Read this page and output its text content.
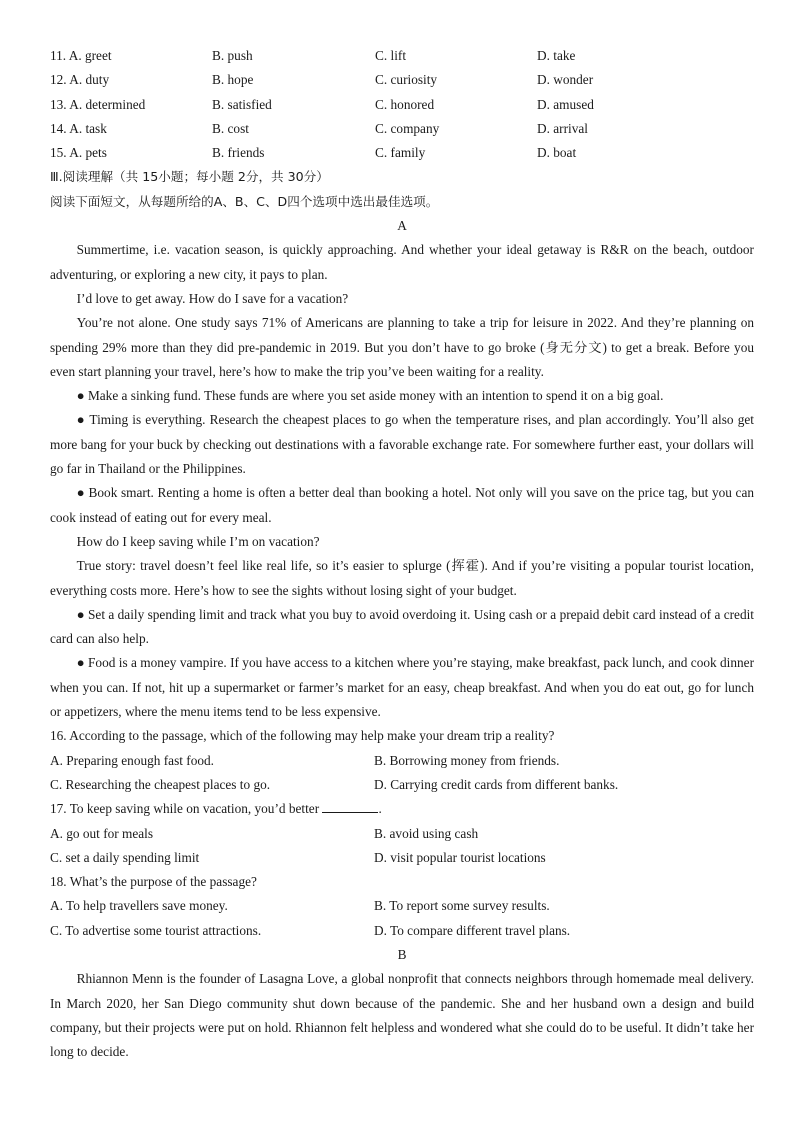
11. A. greet	B. push	C. lift	D. take
12. A. duty	B. hope	C. curiosity	D. wonder
13. A. determined	B. satisfied	C. honored	D. amused
14. A. task	B. cost	C. company	D. arrival
15. A. pets	B. friends	C. family	D. boat
Ⅲ.阅读理解（共 15小题；每小题 2分，共 30分）
阅读下面短文，从每题所给的A、B、C、D四个选项中选出最佳选项。
A

Summertime, i.e. vacation season, is quickly approaching. And whether your ideal getaway is R&R on the beach, outdoor adventuring, or exploring a new city, it pays to plan.

I’d love to get away. How do I save for a vacation?

You’re not alone. One study says 71% of Americans are planning to take a trip for leisure in 2022. And they’re planning on spending 29% more than they did pre-pandemic in 2019. But you don’t have to go broke (身无分文) to get a break. Before you even start planning your travel, here’s how to make the trip you’ve been waiting for a reality.

● Make a sinking fund. These funds are where you set aside money with an intention to spend it on a big goal.

● Timing is everything. Research the cheapest places to go when the temperature rises, and plan accordingly. You’ll also get more bang for your buck by checking out destinations with a favorable exchange rate. For somewhere further east, your dollars will go far in Thailand or the Philippines.

● Book smart. Renting a home is often a better deal than booking a hotel. Not only will you save on the price tag, but you can cook instead of eating out for every meal.

How do I keep saving while I’m on vacation?

True story: travel doesn’t feel like real life, so it’s easier to splurge (挥霍). And if you’re visiting a popular tourist location, everything costs more. Here’s how to see the sights without losing sight of your budget.

● Set a daily spending limit and track what you buy to avoid overdoing it. Using cash or a prepaid debit card instead of a credit card can also help.

● Food is a money vampire. If you have access to a kitchen where you’re staying, make breakfast, pack lunch, and cook dinner when you can. If not, hit up a supermarket or farmer’s market for an easy, cheap breakfast. And when you do eat out, go for lunch or appetizers, where the menu items tend to be less expensive.

16. According to the passage, which of the following may help make your dream trip a reality?
A. Preparing enough fast food.	B. Borrowing money from friends.
C. Researching the cheapest places to go.	D. Carrying credit cards from different banks.
17. To keep saving while on vacation, you’d better	.
A. go out for meals	B. avoid using cash
C. set a daily spending limit	D. visit popular tourist locations
18. What’s the purpose of the passage?
A. To help travellers save money.	B. To report some survey results.
C. To advertise some tourist attractions.	D. To compare different travel plans.
B

Rhiannon Menn is the founder of Lasagna Love, a global nonprofit that connects neighbors through homemade meal delivery. In March 2020, her San Diego community shut down because of the pandemic. She and her husband own a design and build company, but their projects were put on hold. Rhiannon felt helpless and wondered what she could do to be useful. It didn’t take her long to decide.
